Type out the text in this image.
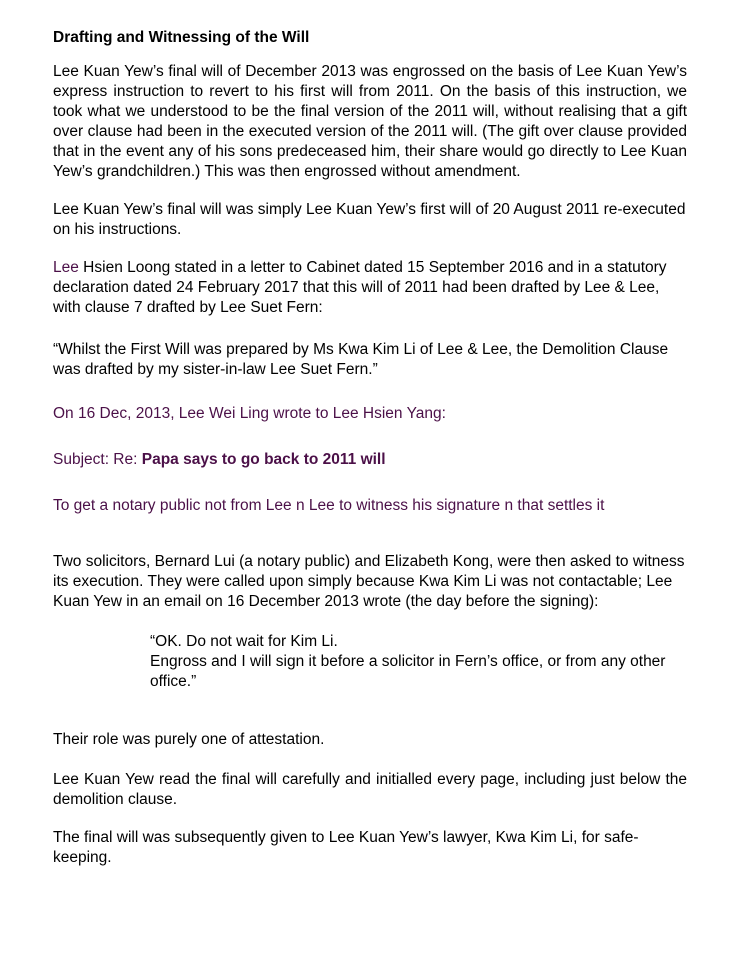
Drafting and Witnessing of the Will

Lee Kuan Yew’s final will of December 2013 was engrossed on the basis of Lee Kuan Yew’s express instruction to revert to his first will from 2011. On the basis of this instruction, we took what we understood to be the final version of the 2011 will, without realising that a gift over clause had been in the executed version of the 2011 will. (The gift over clause provided that in the event any of his sons predeceased him, their share would go directly to Lee Kuan Yew’s grandchildren.) This was then engrossed without amendment.

Lee Kuan Yew’s final will was simply Lee Kuan Yew’s first will of 20 August 2011 re-executed on his instructions.

Lee Hsien Loong stated in a letter to Cabinet dated 15 September 2016 and in a statutory declaration dated 24 February 2017 that this will of 2011 had been drafted by Lee & Lee, with clause 7 drafted by Lee Suet Fern:

“Whilst the First Will was prepared by Ms Kwa Kim Li of Lee & Lee, the Demolition Clause was drafted by my sister-in-law Lee Suet Fern.”

On 16 Dec, 2013, Lee Wei Ling wrote to Lee Hsien Yang:

Subject: Re: Papa says to go back to 2011 will

To get a notary public not from Lee n Lee to witness his signature n that settles it

Two solicitors, Bernard Lui (a notary public) and Elizabeth Kong, were then asked to witness its execution. They were called upon simply because Kwa Kim Li was not contactable; Lee Kuan Yew in an email on 16 December 2013 wrote (the day before the signing):

“OK. Do not wait for Kim Li.

Engross and I will sign it before a solicitor in Fern’s office, or from any other office.”

Their role was purely one of attestation.

Lee Kuan Yew read the final will carefully and initialled every page, including just below the demolition clause.

The final will was subsequently given to Lee Kuan Yew’s lawyer, Kwa Kim Li, for safe-keeping.
